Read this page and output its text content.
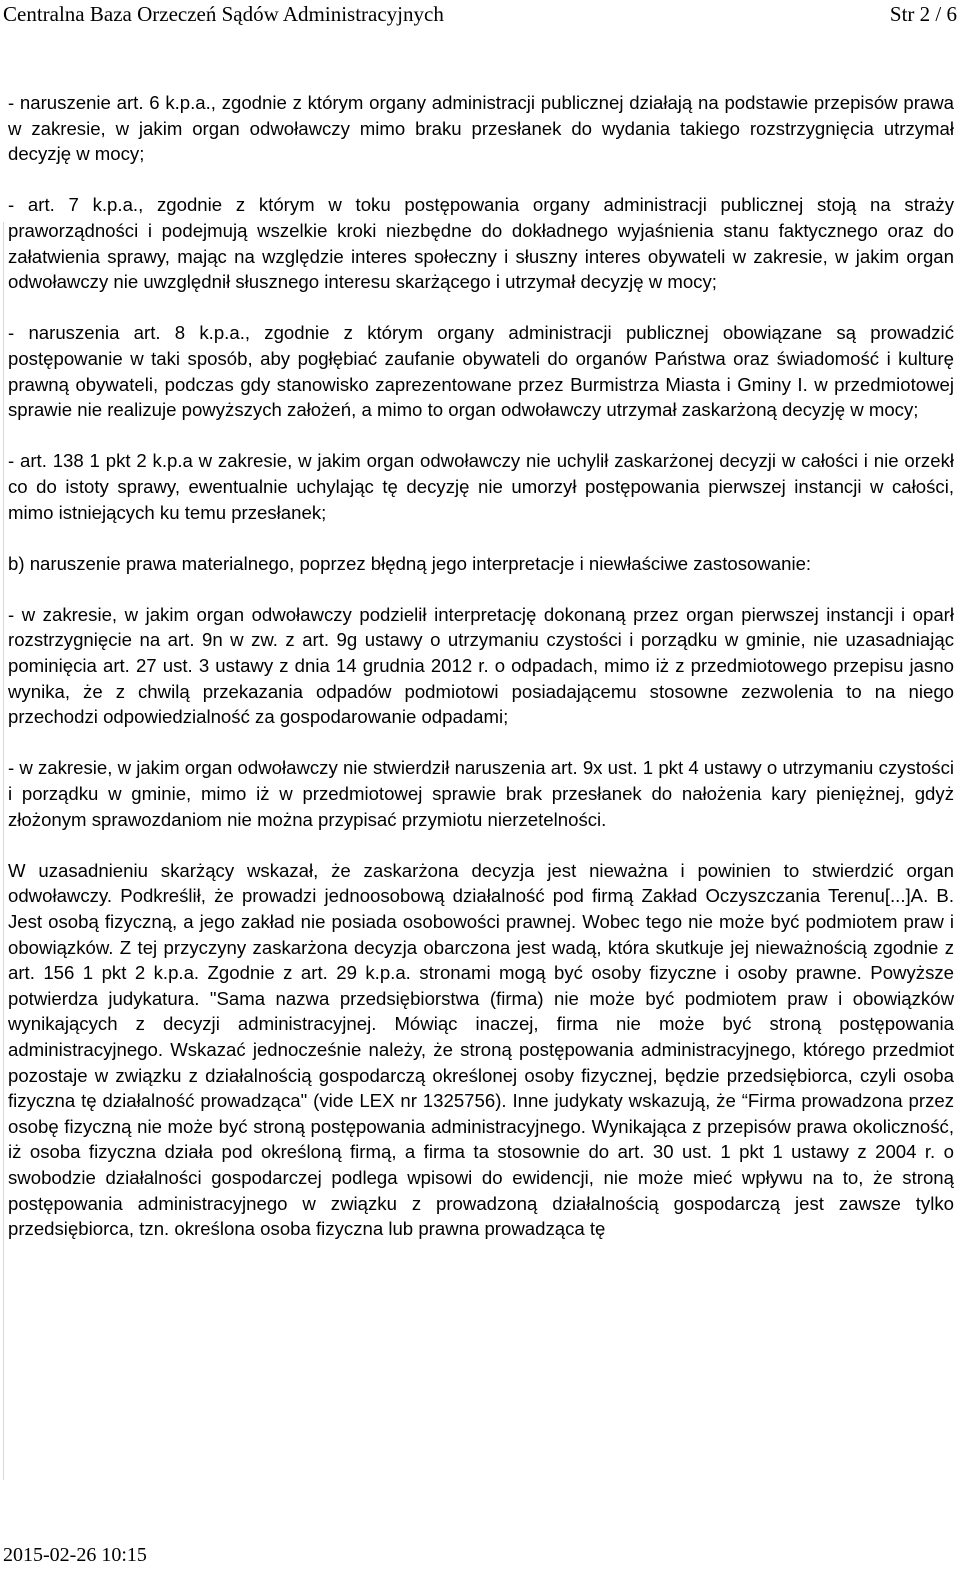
Centralna Baza Orzeczeń Sądów Administracyjnych	Str 2 / 6

- naruszenie art. 6 k.p.a., zgodnie z którym organy administracji publicznej działają na podstawie przepisów prawa w zakresie, w jakim organ odwoławczy mimo braku przesłanek do wydania takiego rozstrzygnięcia utrzymał decyzję w mocy;

- art. 7 k.p.a., zgodnie z którym w toku postępowania organy administracji publicznej stoją na straży praworządności i podejmują wszelkie kroki niezbędne do dokładnego wyjaśnienia stanu faktycznego oraz do załatwienia sprawy, mając na względzie interes społeczny i słuszny interes obywateli w zakresie, w jakim organ odwoławczy nie uwzględnił słusznego interesu skarżącego i utrzymał decyzję w mocy;

- naruszenia art. 8 k.p.a., zgodnie z którym organy administracji publicznej obowiązane są prowadzić postępowanie w taki sposób, aby pogłębiać zaufanie obywateli do organów Państwa oraz świadomość i kulturę prawną obywateli, podczas gdy stanowisko zaprezentowane przez Burmistrza Miasta i Gminy I. w przedmiotowej sprawie nie realizuje powyższych założeń, a mimo to organ odwoławczy utrzymał zaskarżoną decyzję w mocy;

- art. 138 1 pkt 2 k.p.a w zakresie, w jakim organ odwoławczy nie uchylił zaskarżonej decyzji w całości i nie orzekł co do istoty sprawy, ewentualnie uchylając tę decyzję nie umorzył postępowania pierwszej instancji w całości, mimo istniejących ku temu przesłanek;

b) naruszenie prawa materialnego, poprzez błędną jego interpretacje i niewłaściwe zastosowanie:

- w zakresie, w jakim organ odwoławczy podzielił interpretację dokonaną przez organ pierwszej instancji i oparł rozstrzygnięcie na art. 9n w zw. z art. 9g ustawy o utrzymaniu czystości i porządku w gminie, nie uzasadniając pominięcia art. 27 ust. 3 ustawy z dnia 14 grudnia 2012 r. o odpadach, mimo iż z przedmiotowego przepisu jasno wynika, że z chwilą przekazania odpadów podmiotowi posiadającemu stosowne zezwolenia to na niego przechodzi odpowiedzialność za gospodarowanie odpadami;

- w zakresie, w jakim organ odwoławczy nie stwierdził naruszenia art. 9x ust. 1 pkt 4 ustawy o utrzymaniu czystości i porządku w gminie, mimo iż w przedmiotowej sprawie brak przesłanek do nałożenia kary pieniężnej, gdyż złożonym sprawozdaniom nie można przypisać przymiotu nierzetelności.

W uzasadnieniu skarżący wskazał, że zaskarżona decyzja jest nieważna i powinien to stwierdzić organ odwoławczy. Podkreślił, że prowadzi jednoosobową działalność pod firmą Zakład Oczyszczania Terenu[...]A. B. Jest osobą fizyczną, a jego zakład nie posiada osobowości prawnej. Wobec tego nie może być podmiotem praw i obowiązków. Z tej przyczyny zaskarżona decyzja obarczona jest wadą, która skutkuje jej nieważnością zgodnie z art. 156 1 pkt 2 k.p.a. Zgodnie z art. 29 k.p.a. stronami mogą być osoby fizyczne i osoby prawne. Powyższe potwierdza judykatura. "Sama nazwa przedsiębiorstwa (firma) nie może być podmiotem praw i obowiązków wynikających z decyzji administracyjnej. Mówiąc inaczej, firma nie może być stroną postępowania administracyjnego. Wskazać jednocześnie należy, że stroną postępowania administracyjnego, którego przedmiot pozostaje w związku z działalnością gospodarczą określonej osoby fizycznej, będzie przedsiębiorca, czyli osoba fizyczna tę działalność prowadząca" (vide LEX nr 1325756). Inne judykaty wskazują, że “Firma prowadzona przez osobę fizyczną nie może być stroną postępowania administracyjnego. Wynikająca z przepisów prawa okoliczność, iż osoba fizyczna działa pod określoną firmą, a firma ta stosownie do art. 30 ust. 1 pkt 1 ustawy z 2004 r. o swobodzie działalności gospodarczej podlega wpisowi do ewidencji, nie może mieć wpływu na to, że stroną postępowania administracyjnego w związku z prowadzoną działalnością gospodarczą jest zawsze tylko przedsiębiorca, tzn. określona osoba fizyczna lub prawna prowadząca tę

2015-02-26 10:15
